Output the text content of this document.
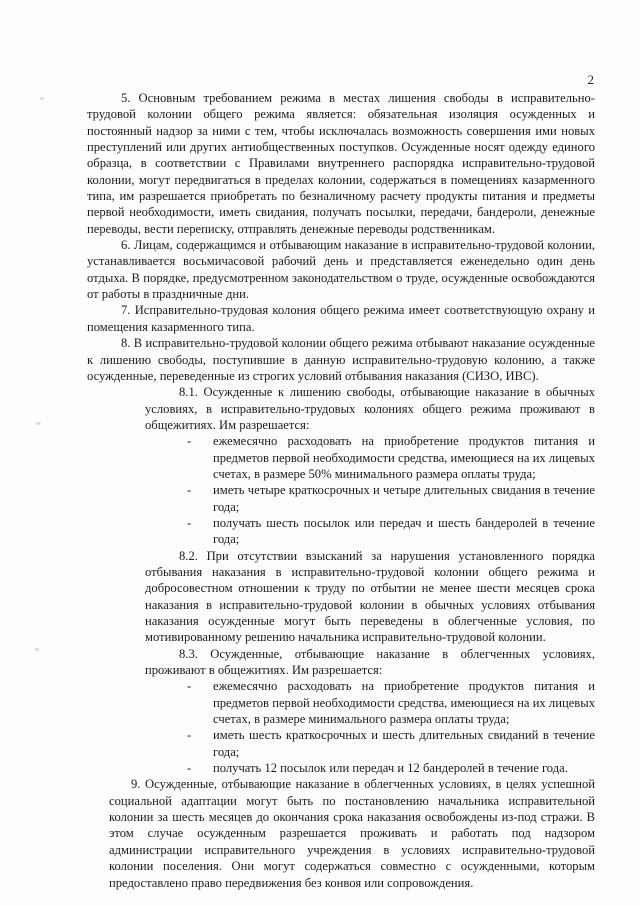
2

5. Основным требованием режима в местах лишения свободы в исправительно-трудовой колонии общего режима является: обязательная изоляция осужденных и постоянный надзор за ними с тем, чтобы исключалась возможность совершения ими новых преступлений или других антиобщественных поступков. Осужденные носят одежду единого образца, в соответствии с Правилами внутреннего распорядка исправительно-трудовой колонии, могут передвигаться в пределах колонии, содержаться в помещениях казарменного типа, им разрешается приобретать по безналичному расчету продукты питания и предметы первой необходимости, иметь свидания, получать посылки, передачи, бандероли, денежные переводы, вести переписку, отправлять денежные переводы родственникам.

6. Лицам, содержащимся и отбывающим наказание в исправительно-трудовой колонии, устанавливается восьмичасовой рабочий день и представляется еженедельно один день отдыха. В порядке, предусмотренном законодательством о труде, осужденные освобождаются от работы в праздничные дни.

7. Исправительно-трудовая колония общего режима имеет соответствующую охрану и помещения казарменного типа.

8. В исправительно-трудовой колонии общего режима отбывают наказание осужденные к лишению свободы, поступившие в данную исправительно-трудовую колонию, а также осужденные, переведенные из строгих условий отбывания наказания (СИЗО, ИВС).

8.1. Осужденные к лишению свободы, отбывающие наказание в обычных условиях, в исправительно-трудовых колониях общего режима проживают в общежитиях. Им разрешается:

- ежемесячно расходовать на приобретение продуктов питания и предметов первой необходимости средства, имеющиеся на их лицевых счетах, в размере 50% минимального размера оплаты труда;
- иметь четыре краткосрочных и четыре длительных свидания в течение года;
- получать шесть посылок или передач и шесть бандеролей в течение года;

8.2. При отсутствии взысканий за нарушения установленного порядка отбывания наказания в исправительно-трудовой колонии общего режима и добросовестном отношении к труду по отбытии не менее шести месяцев срока наказания в исправительно-трудовой колонии в обычных условиях отбывания наказания осужденные могут быть переведены в облегченные условия, по мотивированному решению начальника исправительно-трудовой колонии.

8.3. Осужденные, отбывающие наказание в облегченных условиях, проживают в общежитиях. Им разрешается:

- ежемесячно расходовать на приобретение продуктов питания и предметов первой необходимости средства, имеющиеся на их лицевых счетах, в размере минимального размера оплаты труда;
- иметь шесть краткосрочных и шесть длительных свиданий в течение года;
- получать 12 посылок или передач и 12 бандеролей в течение года.

9. Осужденные, отбывающие наказание в облегченных условиях, в целях успешной социальной адаптации могут быть по постановлению начальника исправительной колонии за шесть месяцев до окончания срока наказания освобождены из-под стражи. В этом случае осужденным разрешается проживать и работать под надзором администрации исправительного учреждения в условиях исправительно-трудовой колонии поселения. Они могут содержаться совместно с осужденными, которым предоставлено право передвижения без конвоя или сопровождения.
